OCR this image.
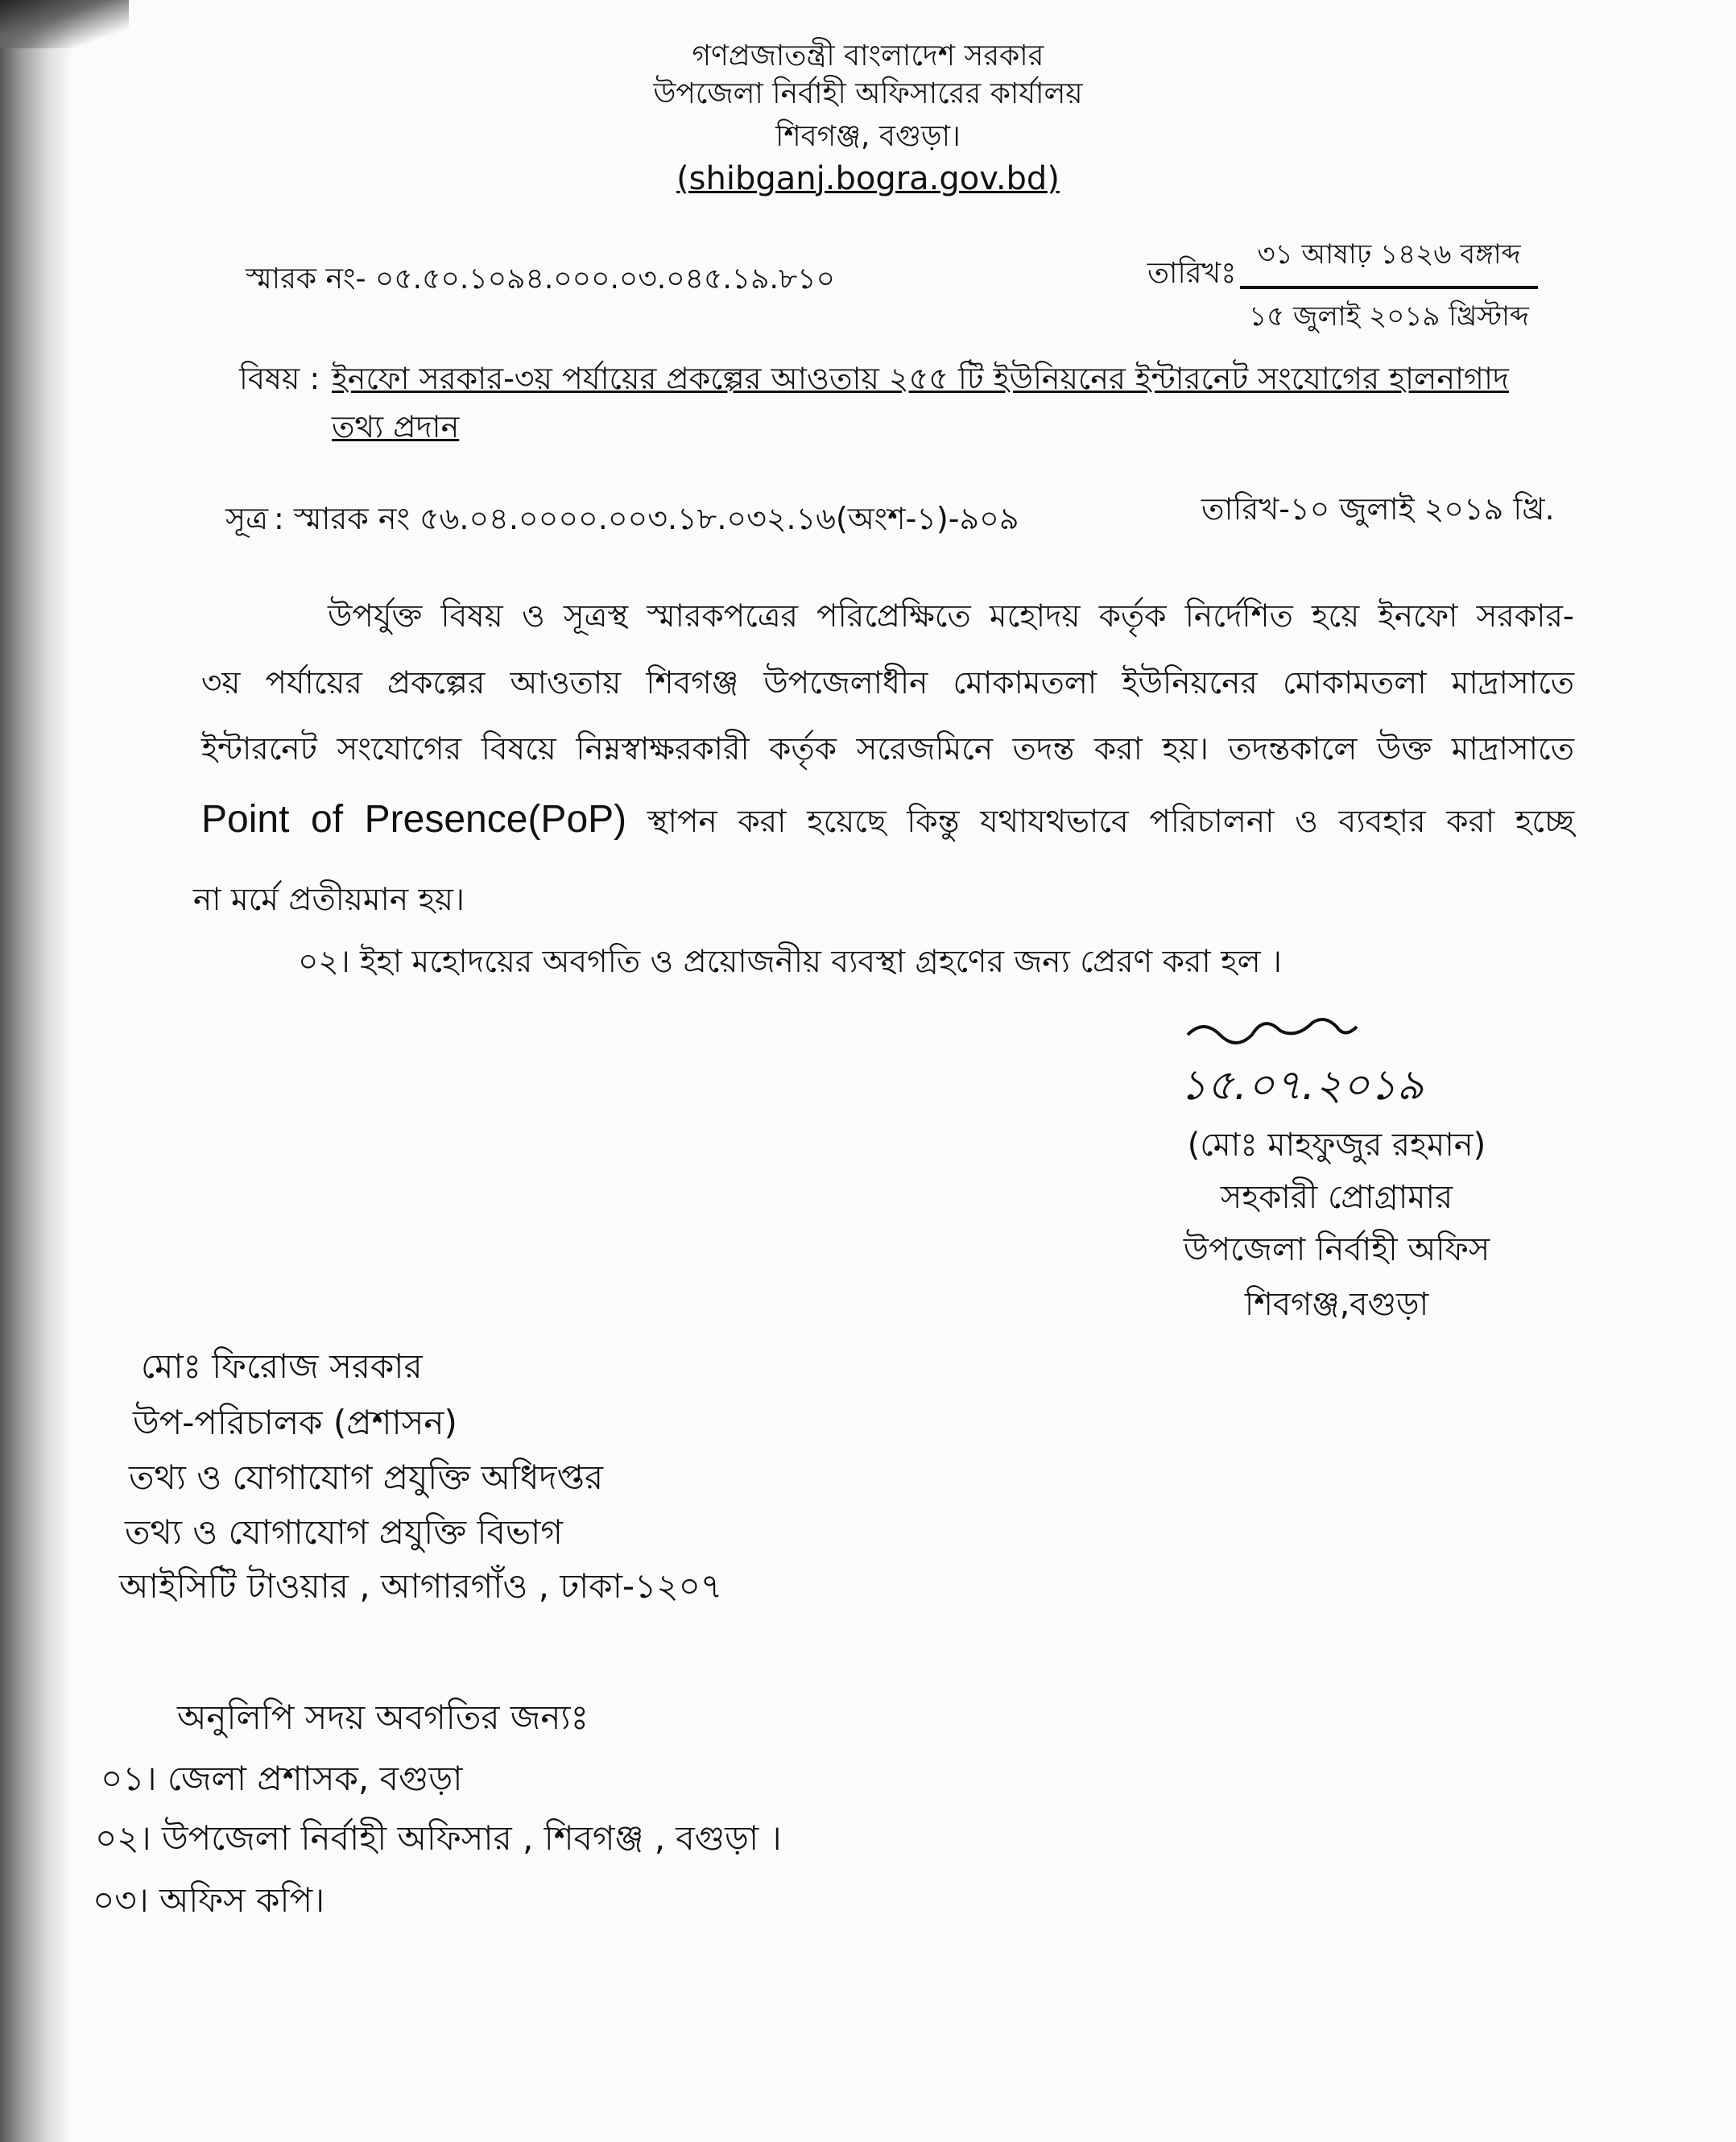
গণপ্রজাতন্ত্রী বাংলাদেশ সরকার
উপজেলা নির্বাহী অফিসারের কার্যালয়
শিবগঞ্জ, বগুড়া।
(shibganj.bogra.gov.bd)
স্মারক নং- ০৫.৫০.১০৯৪.০০০.০৩.০৪৫.১৯.৮১০	তারিখঃ
৩১ আষাঢ় ১৪২৬ বঙ্গাব্দ
১৫ জুলাই ২০১৯ খ্রিস্টাব্দ
বিষয় : ইনফো সরকার-৩য় পর্যায়ের প্রকল্পের আওতায় ২৫৫ টি ইউনিয়নের ইন্টারনেট সংযোগের হালনাগাদ
তথ্য প্রদান
সূত্র : স্মারক নং ৫৬.০৪.০০০০.০০৩.১৮.০৩২.১৬(অংশ-১)-৯০৯	তারিখ-১০ জুলাই ২০১৯ খ্রি.
উপর্যুক্ত বিষয় ও সূত্রস্থ স্মারকপত্রের পরিপ্রেক্ষিতে মহোদয় কর্তৃক নির্দেশিত হয়ে ইনফো সরকার-
৩য় পর্যায়ের প্রকল্পের আওতায় শিবগঞ্জ উপজেলাধীন মোকামতলা ইউনিয়নের মোকামতলা মাদ্রাসাতে
ইন্টারনেট সংযোগের বিষয়ে নিম্নস্বাক্ষরকারী কর্তৃক সরেজমিনে তদন্ত করা হয়। তদন্তকালে উক্ত মাদ্রাসাতে
Point of Presence(PoP) স্থাপন করা হয়েছে কিন্তু যথাযথভাবে পরিচালনা ও ব্যবহার করা হচ্ছে
না মর্মে প্রতীয়মান হয়।
০২। ইহা মহোদয়ের অবগতি ও প্রয়োজনীয় ব্যবস্থা গ্রহণের জন্য প্রেরণ করা হল ।
১৫.০৭.২০১৯
(মোঃ মাহফুজুর রহমান)
সহকারী প্রোগ্রামার
উপজেলা নির্বাহী অফিস
শিবগঞ্জ,বগুড়া
মোঃ ফিরোজ সরকার
উপ-পরিচালক (প্রশাসন)
তথ্য ও যোগাযোগ প্রযুক্তি অধিদপ্তর
তথ্য ও যোগাযোগ প্রযুক্তি বিভাগ
আইসিটি টাওয়ার , আগারগাঁও , ঢাকা-১২০৭
অনুলিপি সদয় অবগতির জন্যঃ
০১। জেলা প্রশাসক, বগুড়া
০২। উপজেলা নির্বাহী অফিসার , শিবগঞ্জ , বগুড়া ।
০৩। অফিস কপি।
